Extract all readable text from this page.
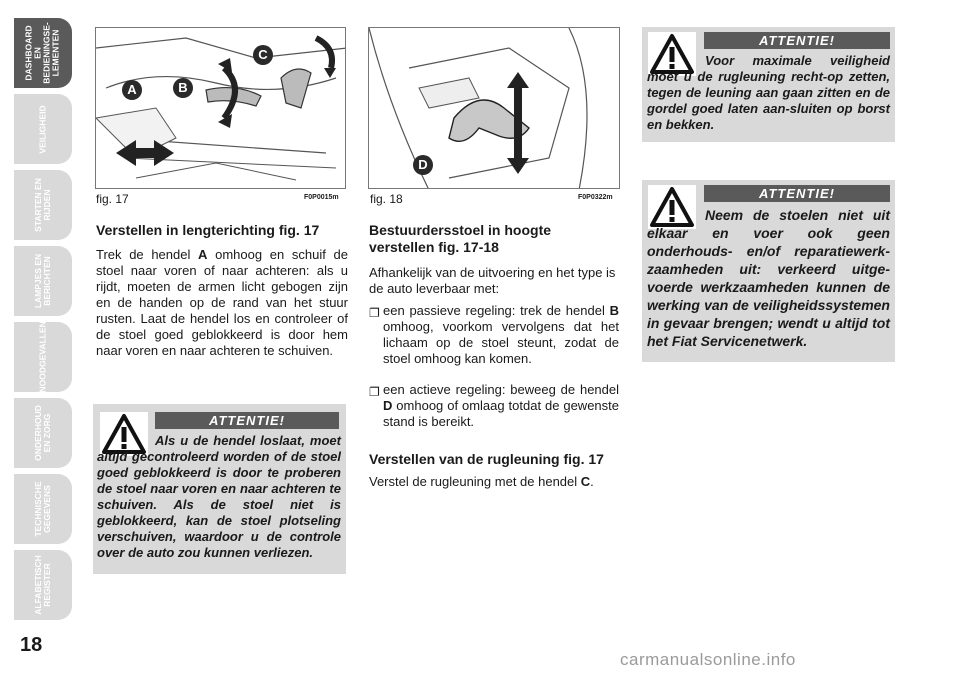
DASHBOARD EN
BEDIENINGSE-
LEMENTEN
VEILIGHEID
STARTEN EN
RIJDEN
LAMPJES EN
BERICHTEN
NOODGEVALLEN
ONDERHOUD
EN ZORG
TECHNISCHE
GEGEVENS
ALFABETISCH
REGISTER
18
A	B
C
fig. 17	F0P0015m
D
fig. 18	F0P0322m
Verstellen in lengterichting fig. 17
Trek de hendel A omhoog en schuif de stoel naar voren of naar achteren: als u rijdt, moeten de armen licht gebogen zijn en de handen op de rand van het stuur rusten. Laat de hendel los en controleer of de stoel goed geblokkeerd is door hem naar voren en naar achteren te schuiven.
ATTENTIE!
Als u de hendel loslaat, moet altijd gecontroleerd worden of de stoel goed geblokkeerd is door te proberen de stoel naar voren en naar achteren te schuiven. Als de stoel niet is geblokkeerd, kan de stoel plotseling verschuiven, waardoor u de controle over de auto zou kunnen verliezen.
Bestuurdersstoel in hoogte verstellen fig. 17-18
Afhankelijk van de uitvoering en het type is de auto leverbaar met:
❐ een passieve regeling: trek de hendel B omhoog, voorkom vervolgens dat het lichaam op de stoel steunt, zodat de stoel omhoog kan komen.
❐ een actieve regeling: beweeg de hendel D omhoog of omlaag totdat de gewenste stand is bereikt.
Verstellen van de rugleuning fig. 17
Verstel de rugleuning met de hendel C.
ATTENTIE!
Voor maximale veiligheid moet u de rugleuning recht-op zetten, tegen de leuning aan gaan zitten en de gordel goed laten aan-sluiten op borst en bekken.
ATTENTIE!
Neem de stoelen niet uit elkaar en voer ook geen onderhouds- en/of reparatiewerk-zaamheden uit: verkeerd uitge-voerde werkzaamheden kunnen de werking van de veiligheidssystemen in gevaar brengen; wendt u altijd tot het Fiat Servicenetwerk.
carmanualsonline.info
